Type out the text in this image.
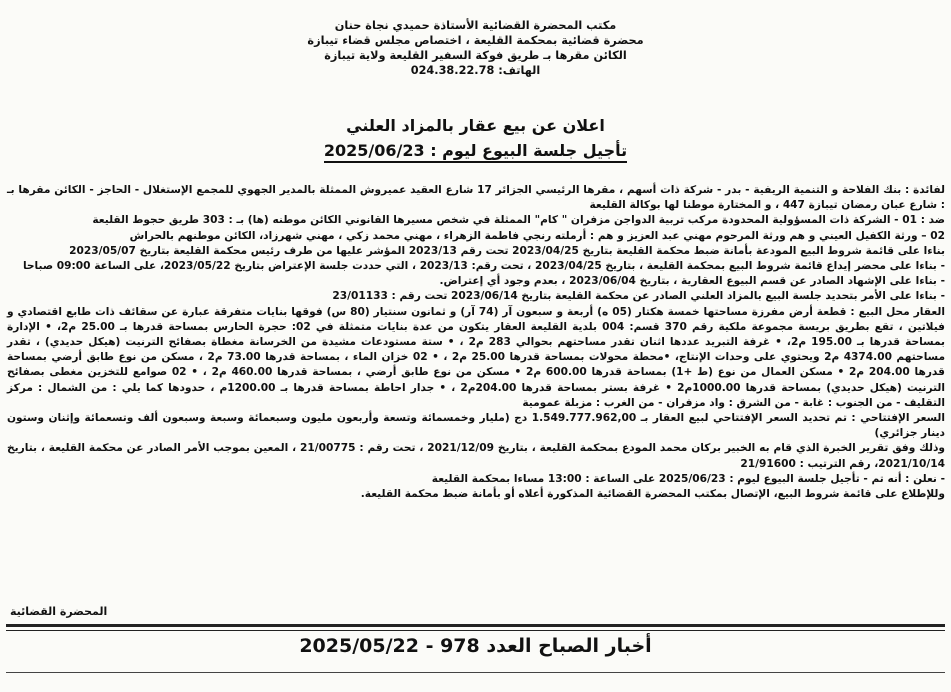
مكتب المحضرة القضائية الأستاذة حميدي نجاة حنان
محضرة قضائية بمحكمة القليعة ، اختصاص مجلس قضاء تيبازة
الكائن مقرها بـ طريق فوكة السفير القليعة ولاية تيبازة
الهاتف: 024.38.22.78
اعلان عن بيع عقار بالمزاد العلني
تأجيل جلسة البيوع ليوم : 2025/06/23

لفائدة : بنك الفلاحة و التنمية الريفية - بدر - شركة ذات أسهم ، مقرها الرئيسي الجزائر 17 شارع العقيد عميروش الممثلة بالمدير الجهوي للمجمع الإستغلال - الحاجز - الكائن مقرها بـ : شارع عبان رمضان تيبازة 447 ، و المختارة موطنا لها بوكالة القليعة

ضد : 01 - الشركة ذات المسؤولية المحدودة مركب تربية الدواجن مزفران " كام" الممثلة في شخص مسيرها القانوني الكائن موطنه (ها) بـ : 303 طريق حجوط القليعة

02 – ورثة الكفيل العيني و هم ورثة المرحوم مهني عبد العزيز و هم : أرملته رنجي فاطمة الزهراء ، مهني محمد زكي ، مهني شهرزاد، الكائن موطنهم بالحراش

بناءا على قائمة شروط البيع المودعة بأمانة ضبط محكمة القليعة بتاريخ 2023/04/25 تحت رقم 2023/13 المؤشر عليها من طرف رئيس محكمة القليعة بتاريخ 2023/05/07

- بناءا على محضر إيداع قائمة شروط البيع بمحكمة القليعة ، بتاريخ 2023/04/25 ، تحت رقم: 2023/13 ، التي حددت جلسة الإعتراض بتاريخ 2023/05/22، على الساعة 09:00 صباحا

- بناءا على الإشهاد الصادر عن قسم البيوع العقارية ، بتاريخ 2023/06/04 ، بعدم وجود أي إعتراض.

- بناءا على الأمر بتحديد جلسة البيع بالمزاد العلني الصادر عن محكمة القليعة بتاريخ 2023/06/14 تحت رقم : 23/01133

العقار محل البيع : قطعة أرض مفرزة مساحتها خمسة هكتار (05 ه) أربعة و سبعون آر (74 آر) و ثمانون سنتيار (80 س) فوقها بنايات متفرقة عبارة عن سقائف ذات طابع اقتصادي و فيلاتين ، تقع بطريق بريسة مجموعة ملكية رقم 370 قسم: 004 بلدية القليعة العقار يتكون من عدة بنايات متمثلة في 02: حجرة الحارس بمساحة قدرها بـ 25.00 م2، • الإدارة بمساحة قدرها بـ 195.00 م2، • غرفة التبريد عددها اثنان تقدر مساحتهم بحوالي 283 م2 ، • ستة مستودعات مشيدة من الخرسانة مغطاة بصفائح الترنيت (هيكل حديدي) ، تقدر مساحتهم 4374.00 م2 ويحتوي على وحدات الإنتاج، •محطة محولات بمساحة قدرها 25.00 م2 ، • 02 خزان الماء ، بمساحة قدرها 73.00 م2 ، مسكن من نوع طابق أرضي بمساحة قدرها 204.00 م2 • مسكن العمال من نوع (ط +1) بمساحة قدرها 600.00 م2 • مسكن من نوع طابق أرضي ، بمساحة قدرها 460.00 م2 ، • 02 صوامع للتخزين مغطى بصفائح الترنيت (هيكل حديدي) بمساحة قدرها 1000.00م2 • غرفة بستر بمساحة قدرها 204.00م2 ، • جدار احاطة بمساحة قدرها بـ 1200.00م ، حدودها كما يلي : من الشمال : مركز التقليف - من الجنوب : غابة - من الشرق : واد مزفران - من الغرب : مزبلة عمومية

السعر الإفتتاحي : تم تحديد السعر الإفتتاحي لبيع العقار بـ 1.549.777.962,00 دج (مليار وخمسمائة وتسعة وأربعون مليون وسبعمائة وسبعة وسبعون ألف وتسعمائة وإثنان وستون دينار جزائري)

وذلك وفق تقرير الخبرة الذي قام به الخبير بركان محمد المودع بمحكمة القليعة ، بتاريخ 2021/12/09 ، تحت رقم : 21/00775 ، المعين بموجب الأمر الصادر عن محكمة القليعة ، بتاريخ 2021/10/14، رقم الترتيب : 21/91600

- نعلن : أنه تم - تأجيل جلسة البيوع ليوم : 2025/06/23 على الساعة : 13:00 مساءا بمحكمة القليعة

وللإطلاع على قائمة شروط البيع، الإتصال بمكتب المحضرة القضائية المذكورة أعلاه أو بأمانة ضبط محكمة القليعة.

المحضرة القضائية
أخبار الصباح العدد 978 - 2025/05/22
